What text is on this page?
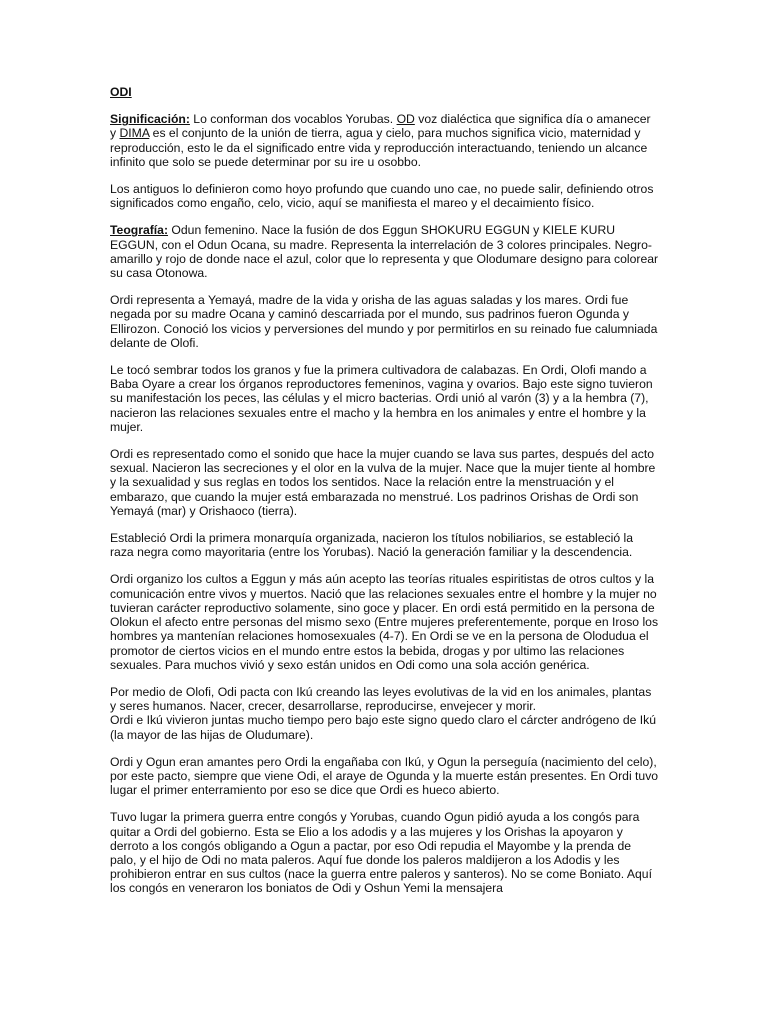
ODI

Significación: Lo conforman dos vocablos Yorubas. OD voz dialéctica que significa día o amanecer y DIMA es el conjunto de la unión de tierra, agua y cielo, para muchos significa vicio, maternidad y reproducción, esto le da el significado entre vida y reproducción interactuando, teniendo un alcance infinito que solo se puede determinar por su ire u osobbo.

Los antiguos lo definieron como hoyo profundo que cuando uno cae, no puede salir, definiendo otros significados como engaño, celo, vicio, aquí se manifiesta el mareo y el decaimiento físico.

Teografía: Odun femenino. Nace la fusión de dos Eggun SHOKURU EGGUN y KIELE KURU EGGUN, con el Odun Ocana, su madre. Representa la interrelación de 3 colores principales. Negro-amarillo y rojo de donde nace el azul, color que lo representa y que Olodumare designo para colorear su casa Otonowa.

Ordi representa a Yemayá, madre de la vida y orisha de las aguas saladas y los mares. Ordi fue negada por su madre Ocana y caminó descarriada por el mundo, sus padrinos fueron Ogunda y Ellirozon. Conoció los vicios y perversiones del mundo y por permitirlos en su reinado fue calumniada delante de Olofi.

Le tocó sembrar todos los granos y fue la primera cultivadora de calabazas. En Ordi, Olofi mando a Baba Oyare a crear los órganos reproductores femeninos, vagina y ovarios. Bajo este signo tuvieron su manifestación los peces, las células y el micro bacterias. Ordi unió al varón (3) y a la hembra (7), nacieron las relaciones sexuales entre el macho y la hembra en los animales y entre el hombre y la mujer.

Ordi es representado como el sonido que hace la mujer cuando se lava sus partes, después del acto sexual. Nacieron las secreciones y el olor en la vulva de la mujer. Nace que la mujer tiente al hombre y la sexualidad y sus reglas en todos los sentidos. Nace la relación entre la menstruación y el embarazo, que cuando la mujer está embarazada no menstrué. Los padrinos Orishas de Ordi son Yemayá (mar) y Orishaoco (tierra).

Estableció Ordi la primera monarquía organizada, nacieron los títulos nobiliarios, se estableció la raza negra como mayoritaria (entre los Yorubas). Nació la generación familiar y la descendencia.

Ordi organizo los cultos a Eggun y más aún acepto las teorías rituales espiritistas de otros cultos y la comunicación entre vivos y muertos. Nació que las relaciones sexuales entre el hombre y la mujer no tuvieran carácter reproductivo solamente, sino goce y placer. En ordi está permitido en la persona de Olokun el afecto entre personas del mismo sexo (Entre mujeres preferentemente, porque en Iroso los hombres ya mantenían relaciones homosexuales (4-7). En Ordi se ve en la persona de Olodudua el promotor de ciertos vicios en el mundo entre estos la bebida, drogas y por ultimo las relaciones sexuales. Para muchos vivió y sexo están unidos en Odi como una sola acción genérica.

Por medio de Olofi, Odi pacta con Ikú creando las leyes evolutivas de la vid en los animales, plantas y seres humanos. Nacer, crecer, desarrollarse, reproducirse, envejecer y morir.
Ordi e Ikú vivieron juntas mucho tiempo pero bajo este signo quedo claro el cárcter andrógeno de Ikú (la mayor de las hijas de Oludumare).

Ordi y Ogun eran amantes pero Ordi la engañaba con Ikú, y Ogun la perseguía (nacimiento del celo), por este pacto, siempre que viene Odi, el araye de Ogunda y la muerte están presentes. En Ordi tuvo lugar el primer enterramiento por eso se dice que Ordi es hueco abierto.

Tuvo lugar la primera guerra entre congós y Yorubas, cuando Ogun pidió ayuda a los congós para quitar a Ordi del gobierno. Esta se Elio a los adodis y a las mujeres y los Orishas la apoyaron y derroto a los congós obligando a Ogun a pactar, por eso Odi repudia el Mayombe y la prenda de palo, y el hijo de Odi no mata paleros. Aquí fue donde los paleros maldijeron a los Adodis y les prohibieron entrar en sus cultos (nace la guerra entre paleros y santeros). No se come Boniato. Aquí los congós en veneraron los boniatos de Odi y Oshun Yemi la mensajera
